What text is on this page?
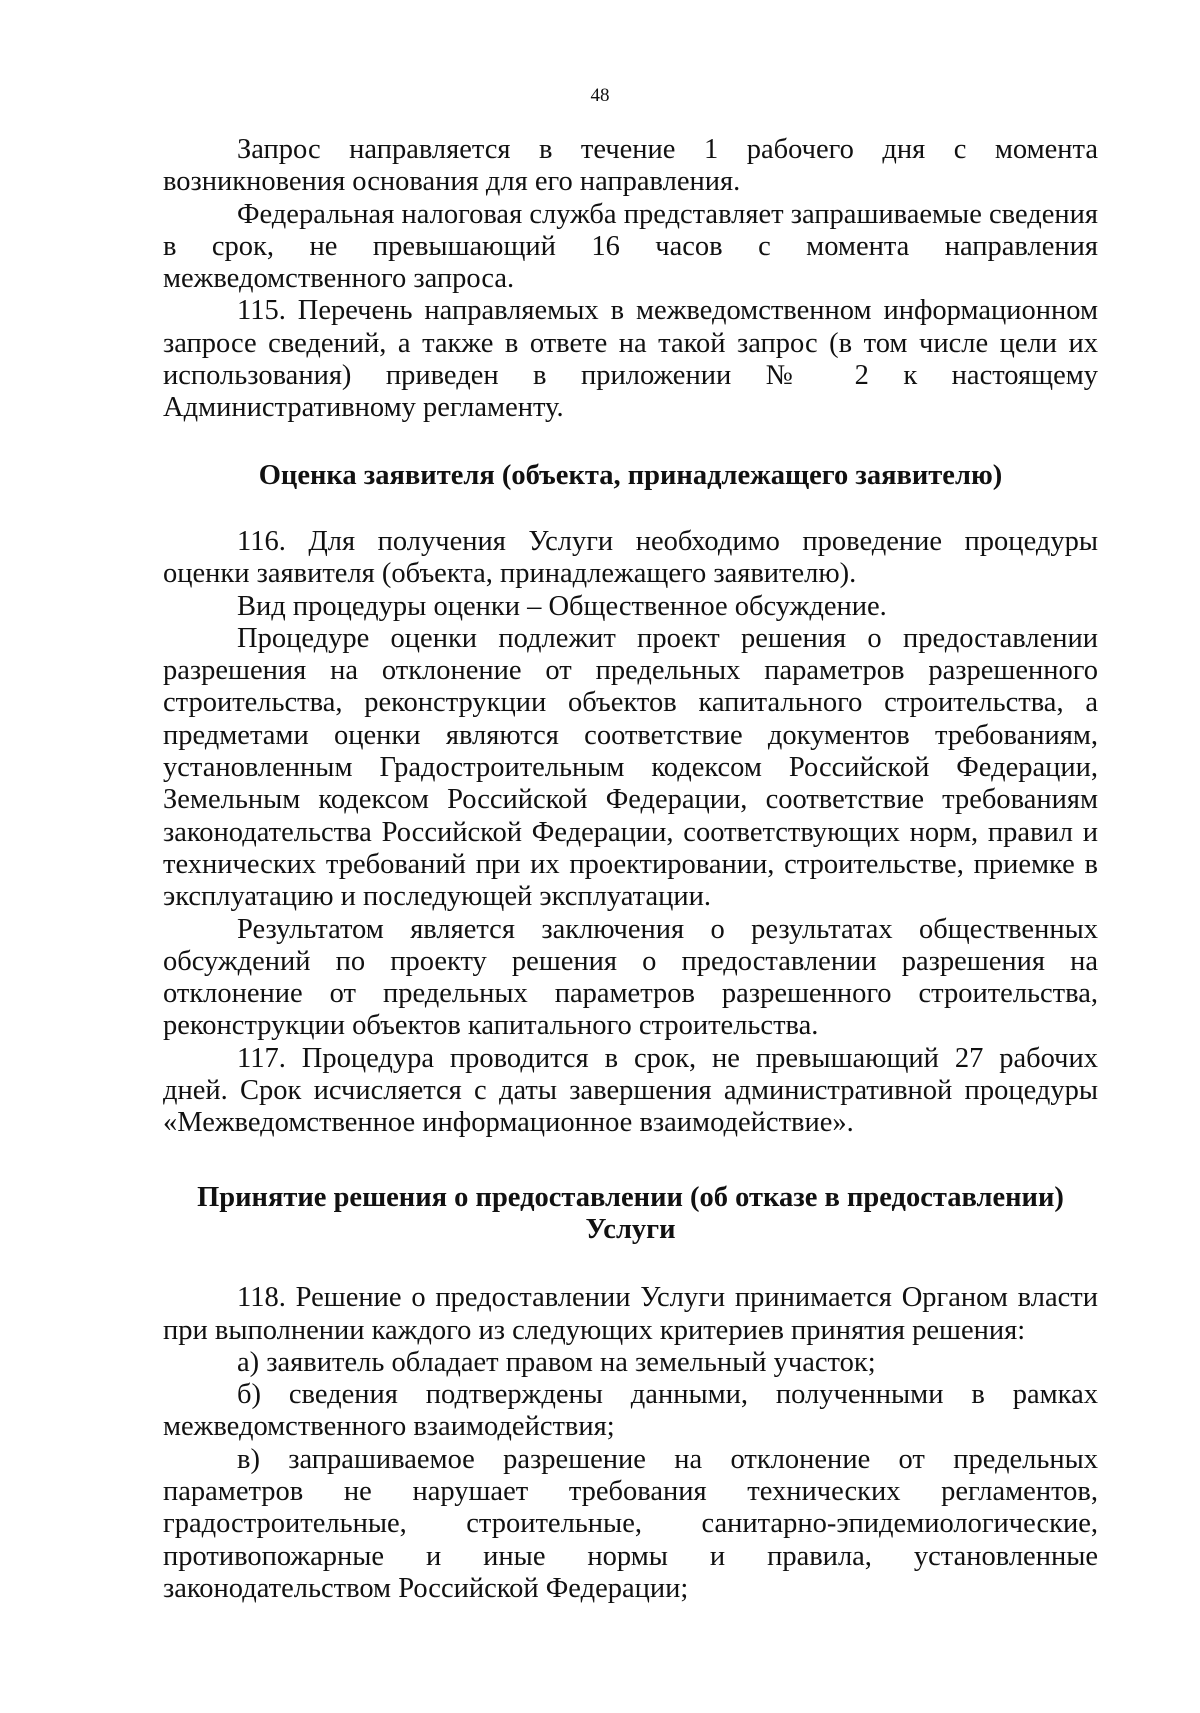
48

Запрос направляется в течение 1 рабочего дня с момента возникновения основания для его направления.

Федеральная налоговая служба представляет запрашиваемые сведения в срок, не превышающий 16 часов с момента направления межведомственного запроса.

115. Перечень направляемых в межведомственном информационном запросе сведений, а также в ответе на такой запрос (в том числе цели их использования) приведен в приложении № 2 к настоящему Административному регламенту.

Оценка заявителя (объекта, принадлежащего заявителю)

116. Для получения Услуги необходимо проведение процедуры оценки заявителя (объекта, принадлежащего заявителю).

Вид процедуры оценки – Общественное обсуждение.

Процедуре оценки подлежит проект решения о предоставлении разрешения на отклонение от предельных параметров разрешенного строительства, реконструкции объектов капитального строительства, а предметами оценки являются соответствие документов требованиям, установленным Градостроительным кодексом Российской Федерации, Земельным кодексом Российской Федерации, соответствие требованиям законодательства Российской Федерации, соответствующих норм, правил и технических требований при их проектировании, строительстве, приемке в эксплуатацию и последующей эксплуатации.

Результатом является заключения о результатах общественных обсуждений по проекту решения о предоставлении разрешения на отклонение от предельных параметров разрешенного строительства, реконструкции объектов капитального строительства.

117. Процедура проводится в срок, не превышающий 27 рабочих дней. Срок исчисляется с даты завершения административной процедуры «Межведомственное информационное взаимодействие».

Принятие решения о предоставлении (об отказе в предоставлении) Услуги

118. Решение о предоставлении Услуги принимается Органом власти при выполнении каждого из следующих критериев принятия решения:

а) заявитель обладает правом на земельный участок;

б) сведения подтверждены данными, полученными в рамках межведомственного взаимодействия;

в) запрашиваемое разрешение на отклонение от предельных параметров не нарушает требования технических регламентов, градостроительные, строительные, санитарно-эпидемиологические, противопожарные и иные нормы и правила, установленные законодательством Российской Федерации;
